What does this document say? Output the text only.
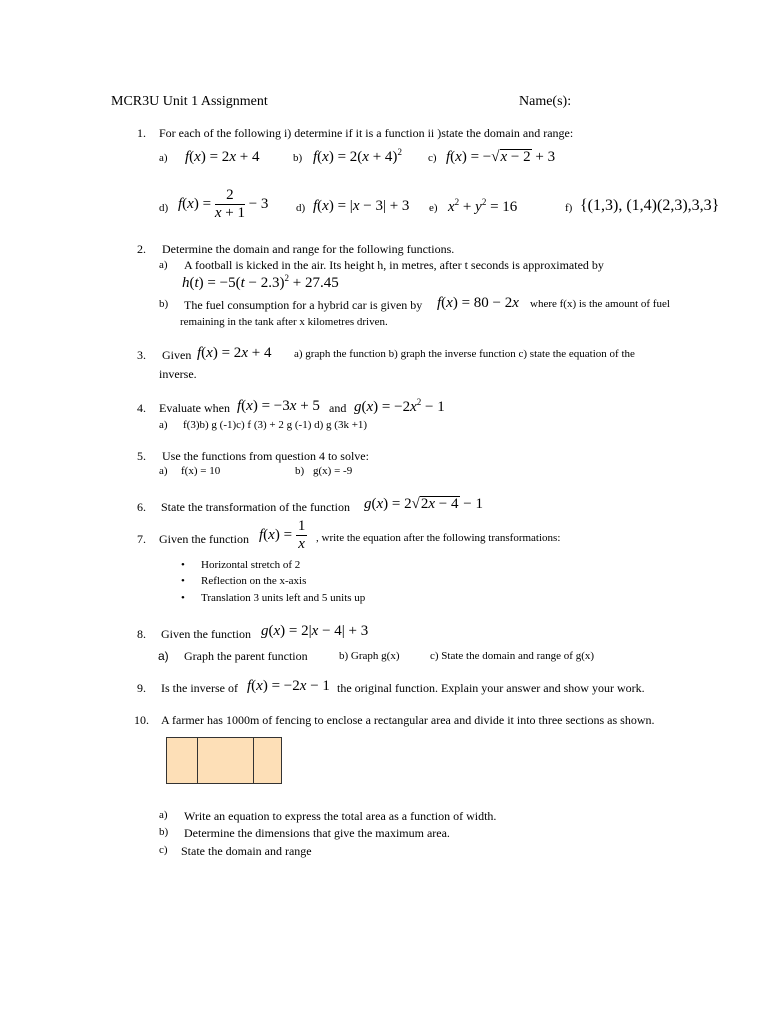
MCR3U Unit 1 Assignment	Name(s):
1. For each of the following i) determine if it is a function ii )state the domain and range:
a) f(x) = 2x + 4	b) $f(x) = 2(x + 4)^2$ c) f(x) = −√x − 2 + 3
d) $f(x) = \frac{2}{x + 1} - 3$	d) f(x) = |x − 3| + 3 e) $x^2 + y^2 = 16$	f) {(1,3), (1,4)(2,3),3,3}
2. Determine the domain and range for the following functions.
a) A football is kicked in the air. Its height h, in metres, after t seconds is approximated by
$h(t) = -5(t - 2.3)^2 + 27.45$
b) The fuel consumption for a hybrid car is given by f(x) = 80 − 2x where f(x) is the amount of fuel
remaining in the tank after x kilometres driven.
3. Given f(x) = 2x + 4 a) graph the function b) graph the inverse function c) state the equation of the
inverse.
4. Evaluate when f(x) = −3x + 5 and $g(x) = -2x^2 - 1$
a) f(3)b) g (-1)c) f (3) + 2 g (-1) d) g (3k +1)
5. Use the functions from question 4 to solve:
a) f(x) = 10	b) g(x) = -9
6. State the transformation of the function g(x) = 2√2x − 4 − 1
7. Given the function $f(x) = \frac{1}{x}$ , write the equation after the following transformations:
• Horizontal stretch of 2
• Reflection on the x-axis
• Translation 3 units left and 5 units up
8. Given the function g(x) = 2|x − 4| + 3
a) Graph the parent function	b) Graph g(x)	c) State the domain and range of g(x)
9. Is the inverse of f(x) = −2x − 1 the original function. Explain your answer and show your work.
10. A farmer has 1000m of fencing to enclose a rectangular area and divide it into three sections as shown.
a) Write an equation to express the total area as a function of width.
b) Determine the dimensions that give the maximum area.
c) State the domain and range
